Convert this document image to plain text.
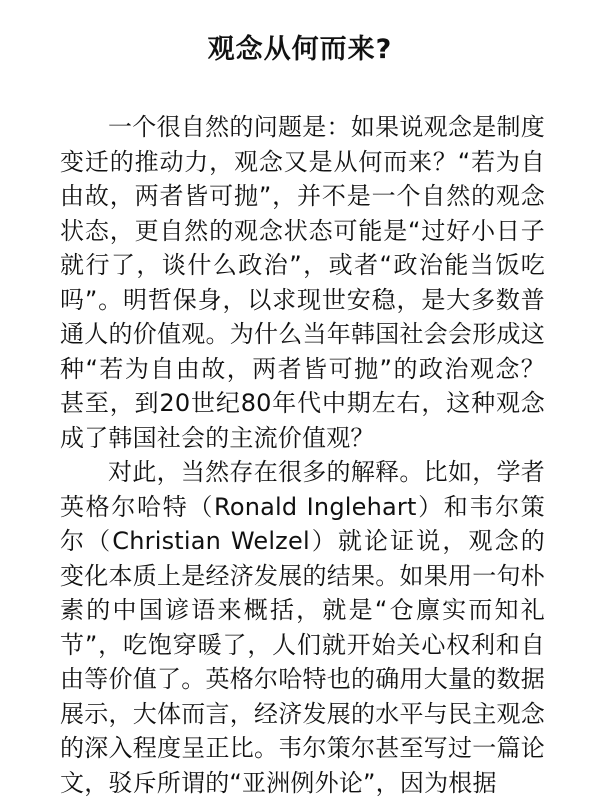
观念从何而来?

一个很自然的问题是：如果说观念是制度变迁的推动力，观念又是从何而来？“若为自由故，两者皆可抛”，并不是一个自然的观念状态，更自然的观念状态可能是“过好小日子就行了，谈什么政治”，或者“政治能当饭吃吗”。明哲保身，以求现世安稳，是大多数普通人的价值观。为什么当年韩国社会会形成这种“若为自由故，两者皆可抛”的政治观念？甚至，到20世纪80年代中期左右，这种观念成了韩国社会的主流价值观？

对此，当然存在很多的解释。比如，学者英格尔哈特（Ronald Inglehart）和韦尔策尔（Christian Welzel）就论证说，观念的变化本质上是经济发展的结果。如果用一句朴素的中国谚语来概括，就是“仓廪实而知礼节”，吃饱穿暖了，人们就开始关心权利和自由等价值了。英格尔哈特也的确用大量的数据展示，大体而言，经济发展的水平与民主观念的深入程度呈正比。韦尔策尔甚至写过一篇论文，驳斥所谓的“亚洲例外论”，因为根据
